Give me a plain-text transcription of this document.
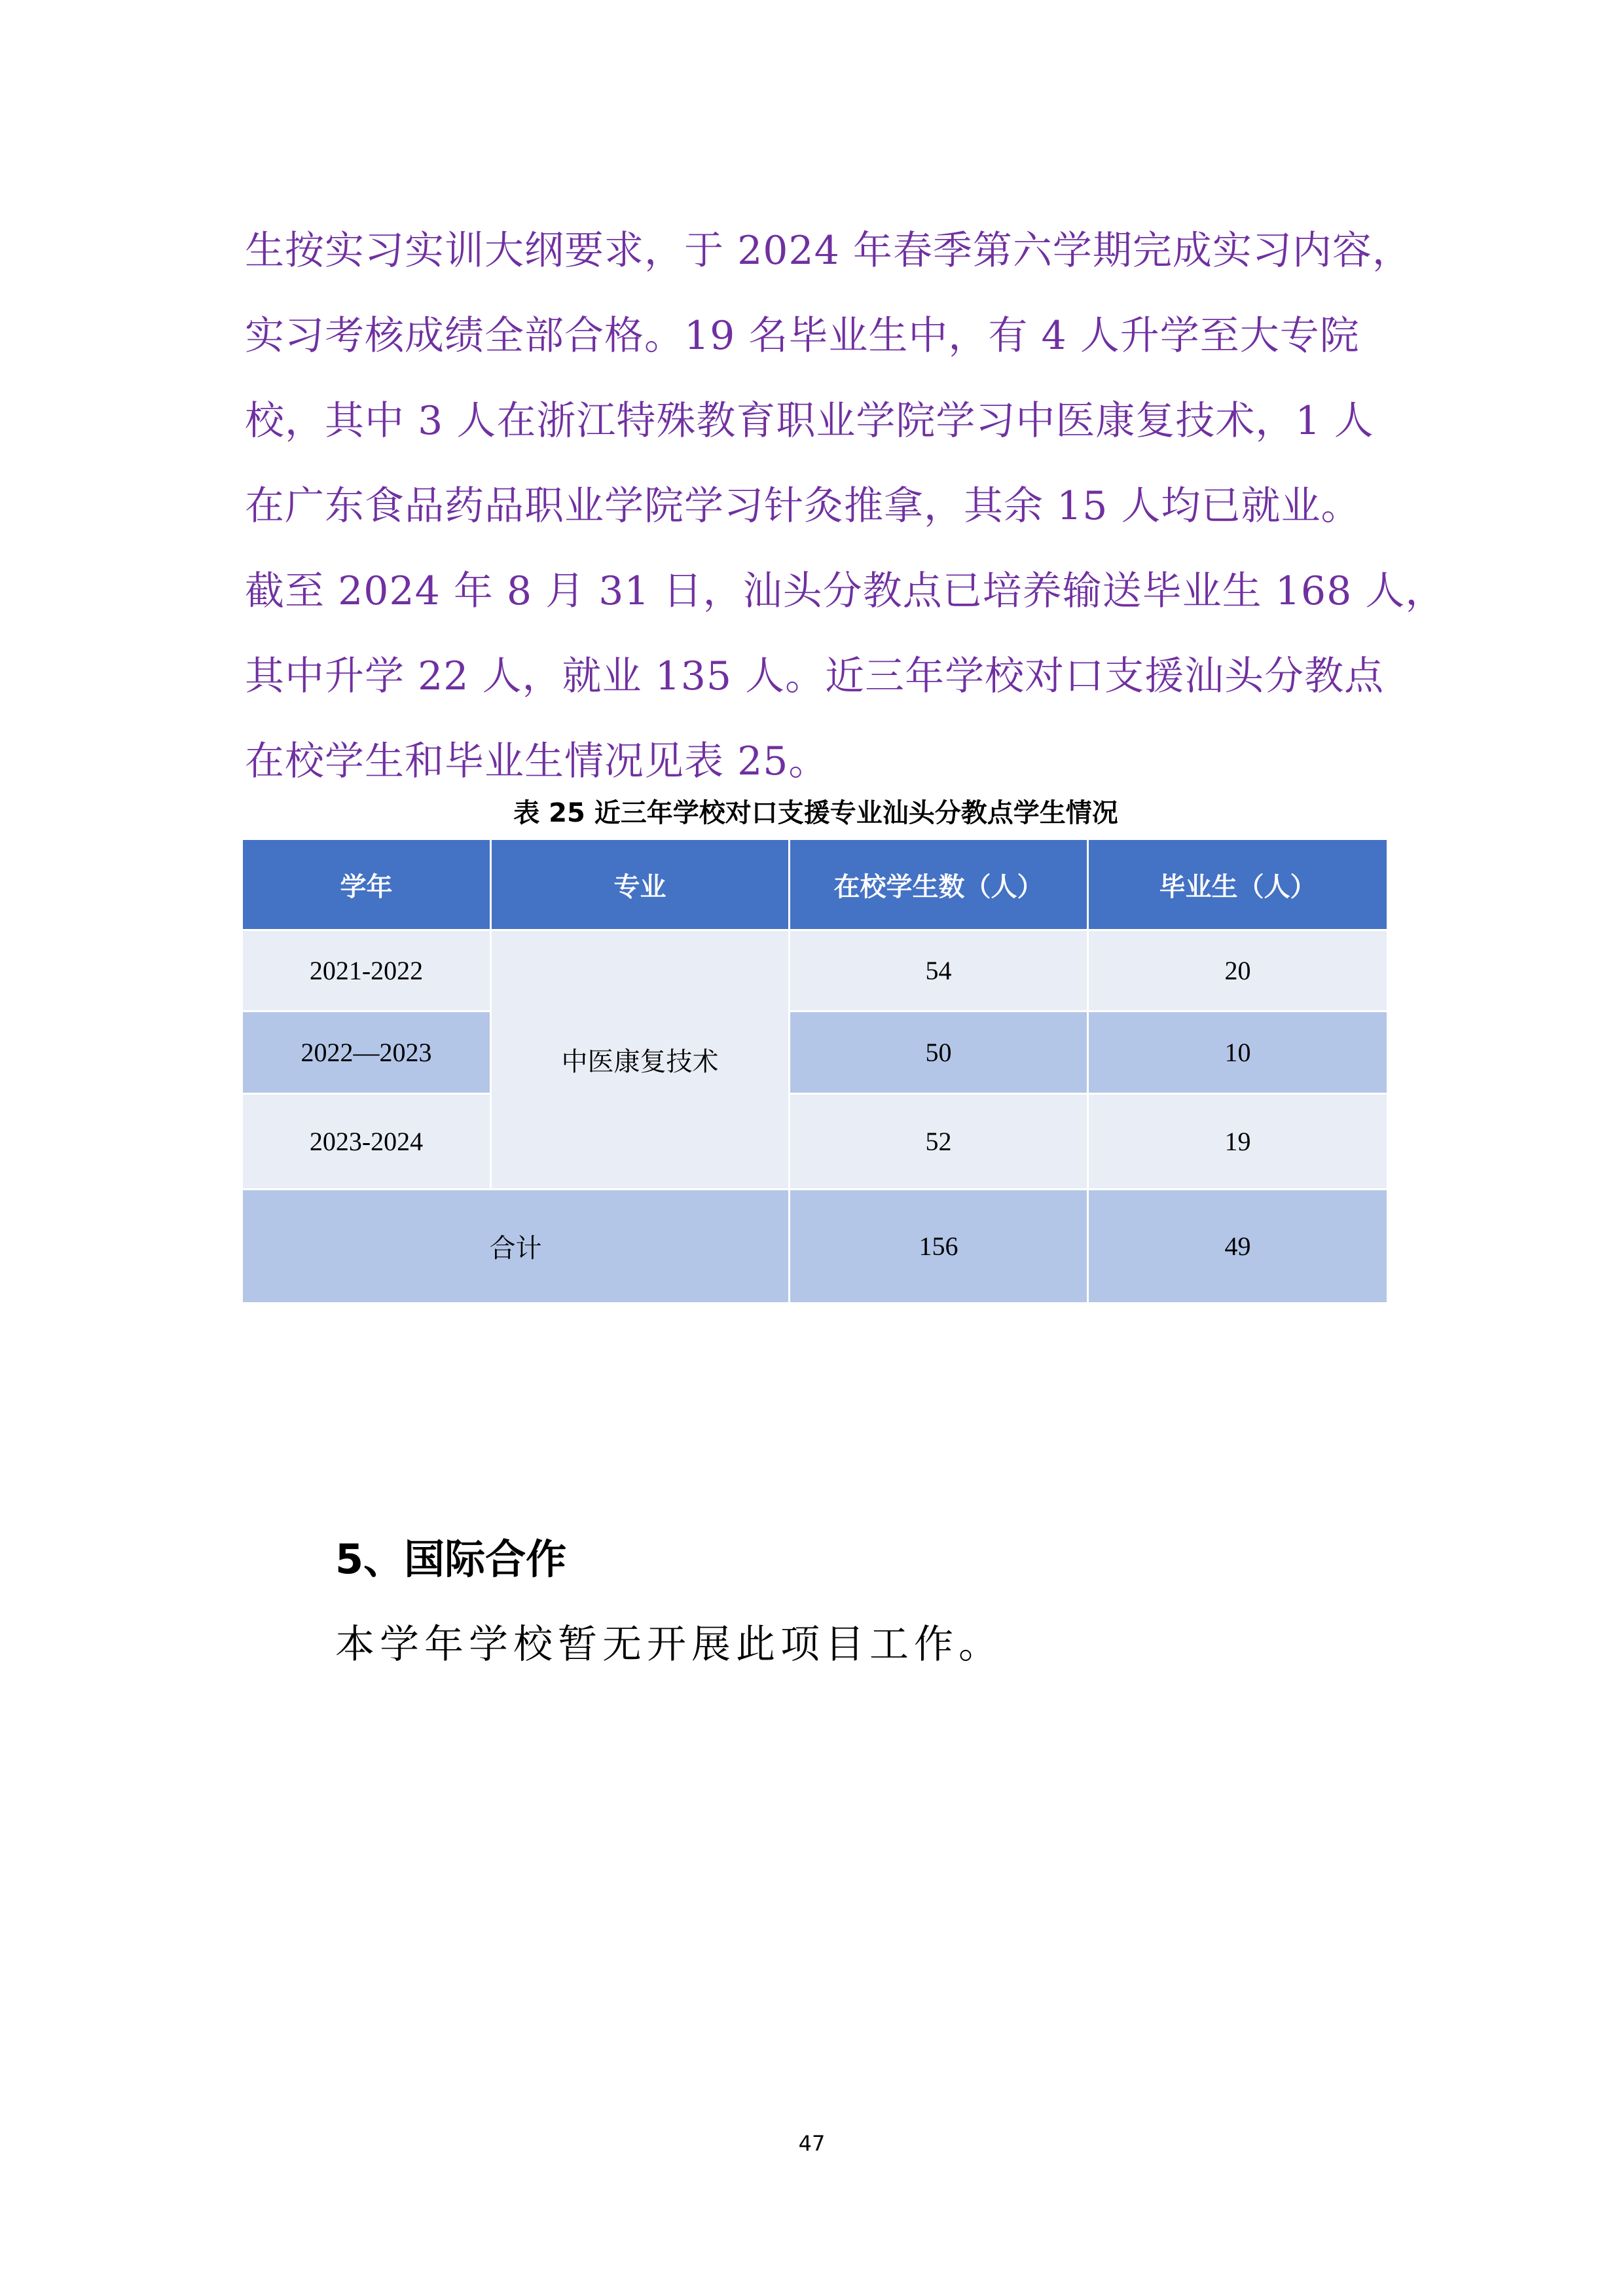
生按实习实训大纲要求，于 2024 年春季第六学期完成实习内容，
实习考核成绩全部合格。19 名毕业生中，有 4 人升学至大专院
校，其中 3 人在浙江特殊教育职业学院学习中医康复技术，1 人
在广东食品药品职业学院学习针灸推拿，其余 15 人均已就业。
截至 2024 年 8 月 31 日，汕头分教点已培养输送毕业生 168 人，
其中升学 22 人，就业 135 人。近三年学校对口支援汕头分教点
在校学生和毕业生情况见表 25。
表 25 近三年学校对口支援专业汕头分教点学生情况
学年	专业	在校学生数（人）	毕业生（人）
2021-2022	中医康复技术	54	20
2022—2023		50	10
2023-2024		52	19
合计		156	49
5、国际合作

本学年学校暂无开展此项目工作。

47
